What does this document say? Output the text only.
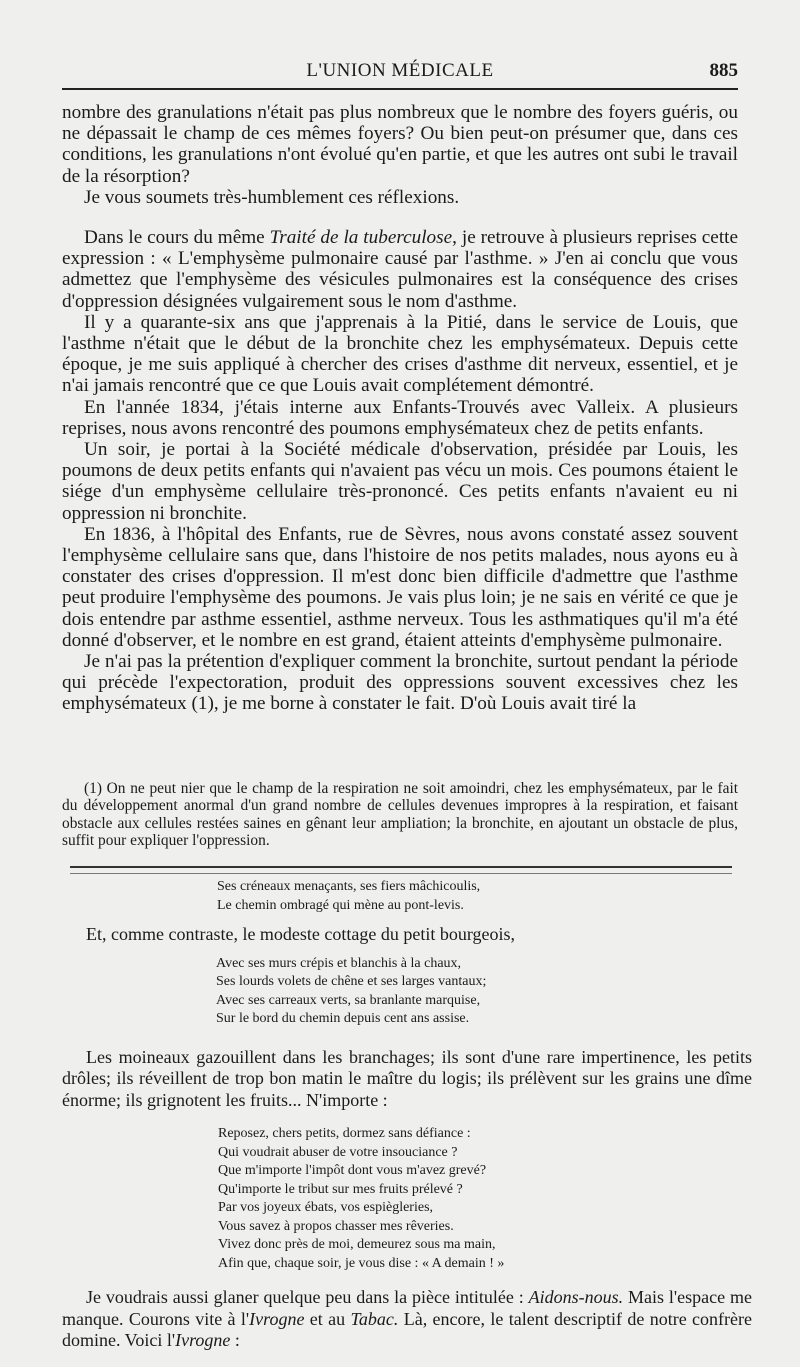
L'UNION MÉDICALE	885

nombre des granulations n'était pas plus nombreux que le nombre des foyers guéris, ou ne dépassait le champ de ces mêmes foyers? Ou bien peut-on présumer que, dans ces conditions, les granulations n'ont évolué qu'en partie, et que les autres ont subi le travail de la résorption?

Je vous soumets très-humblement ces réflexions.

Dans le cours du même Traité de la tuberculose, je retrouve à plusieurs reprises cette expression : « L'emphysème pulmonaire causé par l'asthme. » J'en ai conclu que vous admettez que l'emphysème des vésicules pulmonaires est la conséquence des crises d'oppression désignées vulgairement sous le nom d'asthme.

Il y a quarante-six ans que j'apprenais à la Pitié, dans le service de Louis, que l'asthme n'était que le début de la bronchite chez les emphysémateux. Depuis cette époque, je me suis appliqué à chercher des crises d'asthme dit nerveux, essentiel, et je n'ai jamais rencontré que ce que Louis avait complétement démontré.

En l'année 1834, j'étais interne aux Enfants-Trouvés avec Valleix. A plusieurs reprises, nous avons rencontré des poumons emphysémateux chez de petits enfants.

Un soir, je portai à la Société médicale d'observation, présidée par Louis, les poumons de deux petits enfants qui n'avaient pas vécu un mois. Ces poumons étaient le siége d'un emphysème cellulaire très-prononcé. Ces petits enfants n'avaient eu ni oppression ni bronchite.

En 1836, à l'hôpital des Enfants, rue de Sèvres, nous avons constaté assez souvent l'emphysème cellulaire sans que, dans l'histoire de nos petits malades, nous ayons eu à constater des crises d'oppression. Il m'est donc bien difficile d'admettre que l'asthme peut produire l'emphysème des poumons. Je vais plus loin; je ne sais en vérité ce que je dois entendre par asthme essentiel, asthme nerveux. Tous les asthmatiques qu'il m'a été donné d'observer, et le nombre en est grand, étaient atteints d'emphysème pulmonaire.

Je n'ai pas la prétention d'expliquer comment la bronchite, surtout pendant la période qui précède l'expectoration, produit des oppressions souvent excessives chez les emphysémateux (1), je me borne à constater le fait. D'où Louis avait tiré la

(1) On ne peut nier que le champ de la respiration ne soit amoindri, chez les emphysémateux, par le fait du développement anormal d'un grand nombre de cellules devenues impropres à la respiration, et faisant obstacle aux cellules restées saines en gênant leur ampliation; la bronchite, en ajoutant un obstacle de plus, suffit pour expliquer l'oppression.

Ses créneaux menaçants, ses fiers mâchicoulis,
Le chemin ombragé qui mène au pont-levis.

Et, comme contraste, le modeste cottage du petit bourgeois,

Avec ses murs crépis et blanchis à la chaux,
Ses lourds volets de chêne et ses larges vantaux;
Avec ses carreaux verts, sa branlante marquise,
Sur le bord du chemin depuis cent ans assise.

Les moineaux gazouillent dans les branchages; ils sont d'une rare impertinence, les petits drôles; ils réveillent de trop bon matin le maître du logis; ils prélèvent sur les grains une dîme énorme; ils grignotent les fruits... N'importe :

Reposez, chers petits, dormez sans défiance :
Qui voudrait abuser de votre insouciance ?
Que m'importe l'impôt dont vous m'avez grevé?
Qu'importe le tribut sur mes fruits prélevé ?
Par vos joyeux ébats, vos espiègleries,
Vous savez à propos chasser mes rêveries.
Vivez donc près de moi, demeurez sous ma main,
Afin que, chaque soir, je vous dise : « A demain ! »

Je voudrais aussi glaner quelque peu dans la pièce intitulée : Aidons-nous. Mais l'espace me manque. Courons vite à l'Ivrogne et au Tabac. Là, encore, le talent descriptif de notre confrère domine. Voici l'Ivrogne :
